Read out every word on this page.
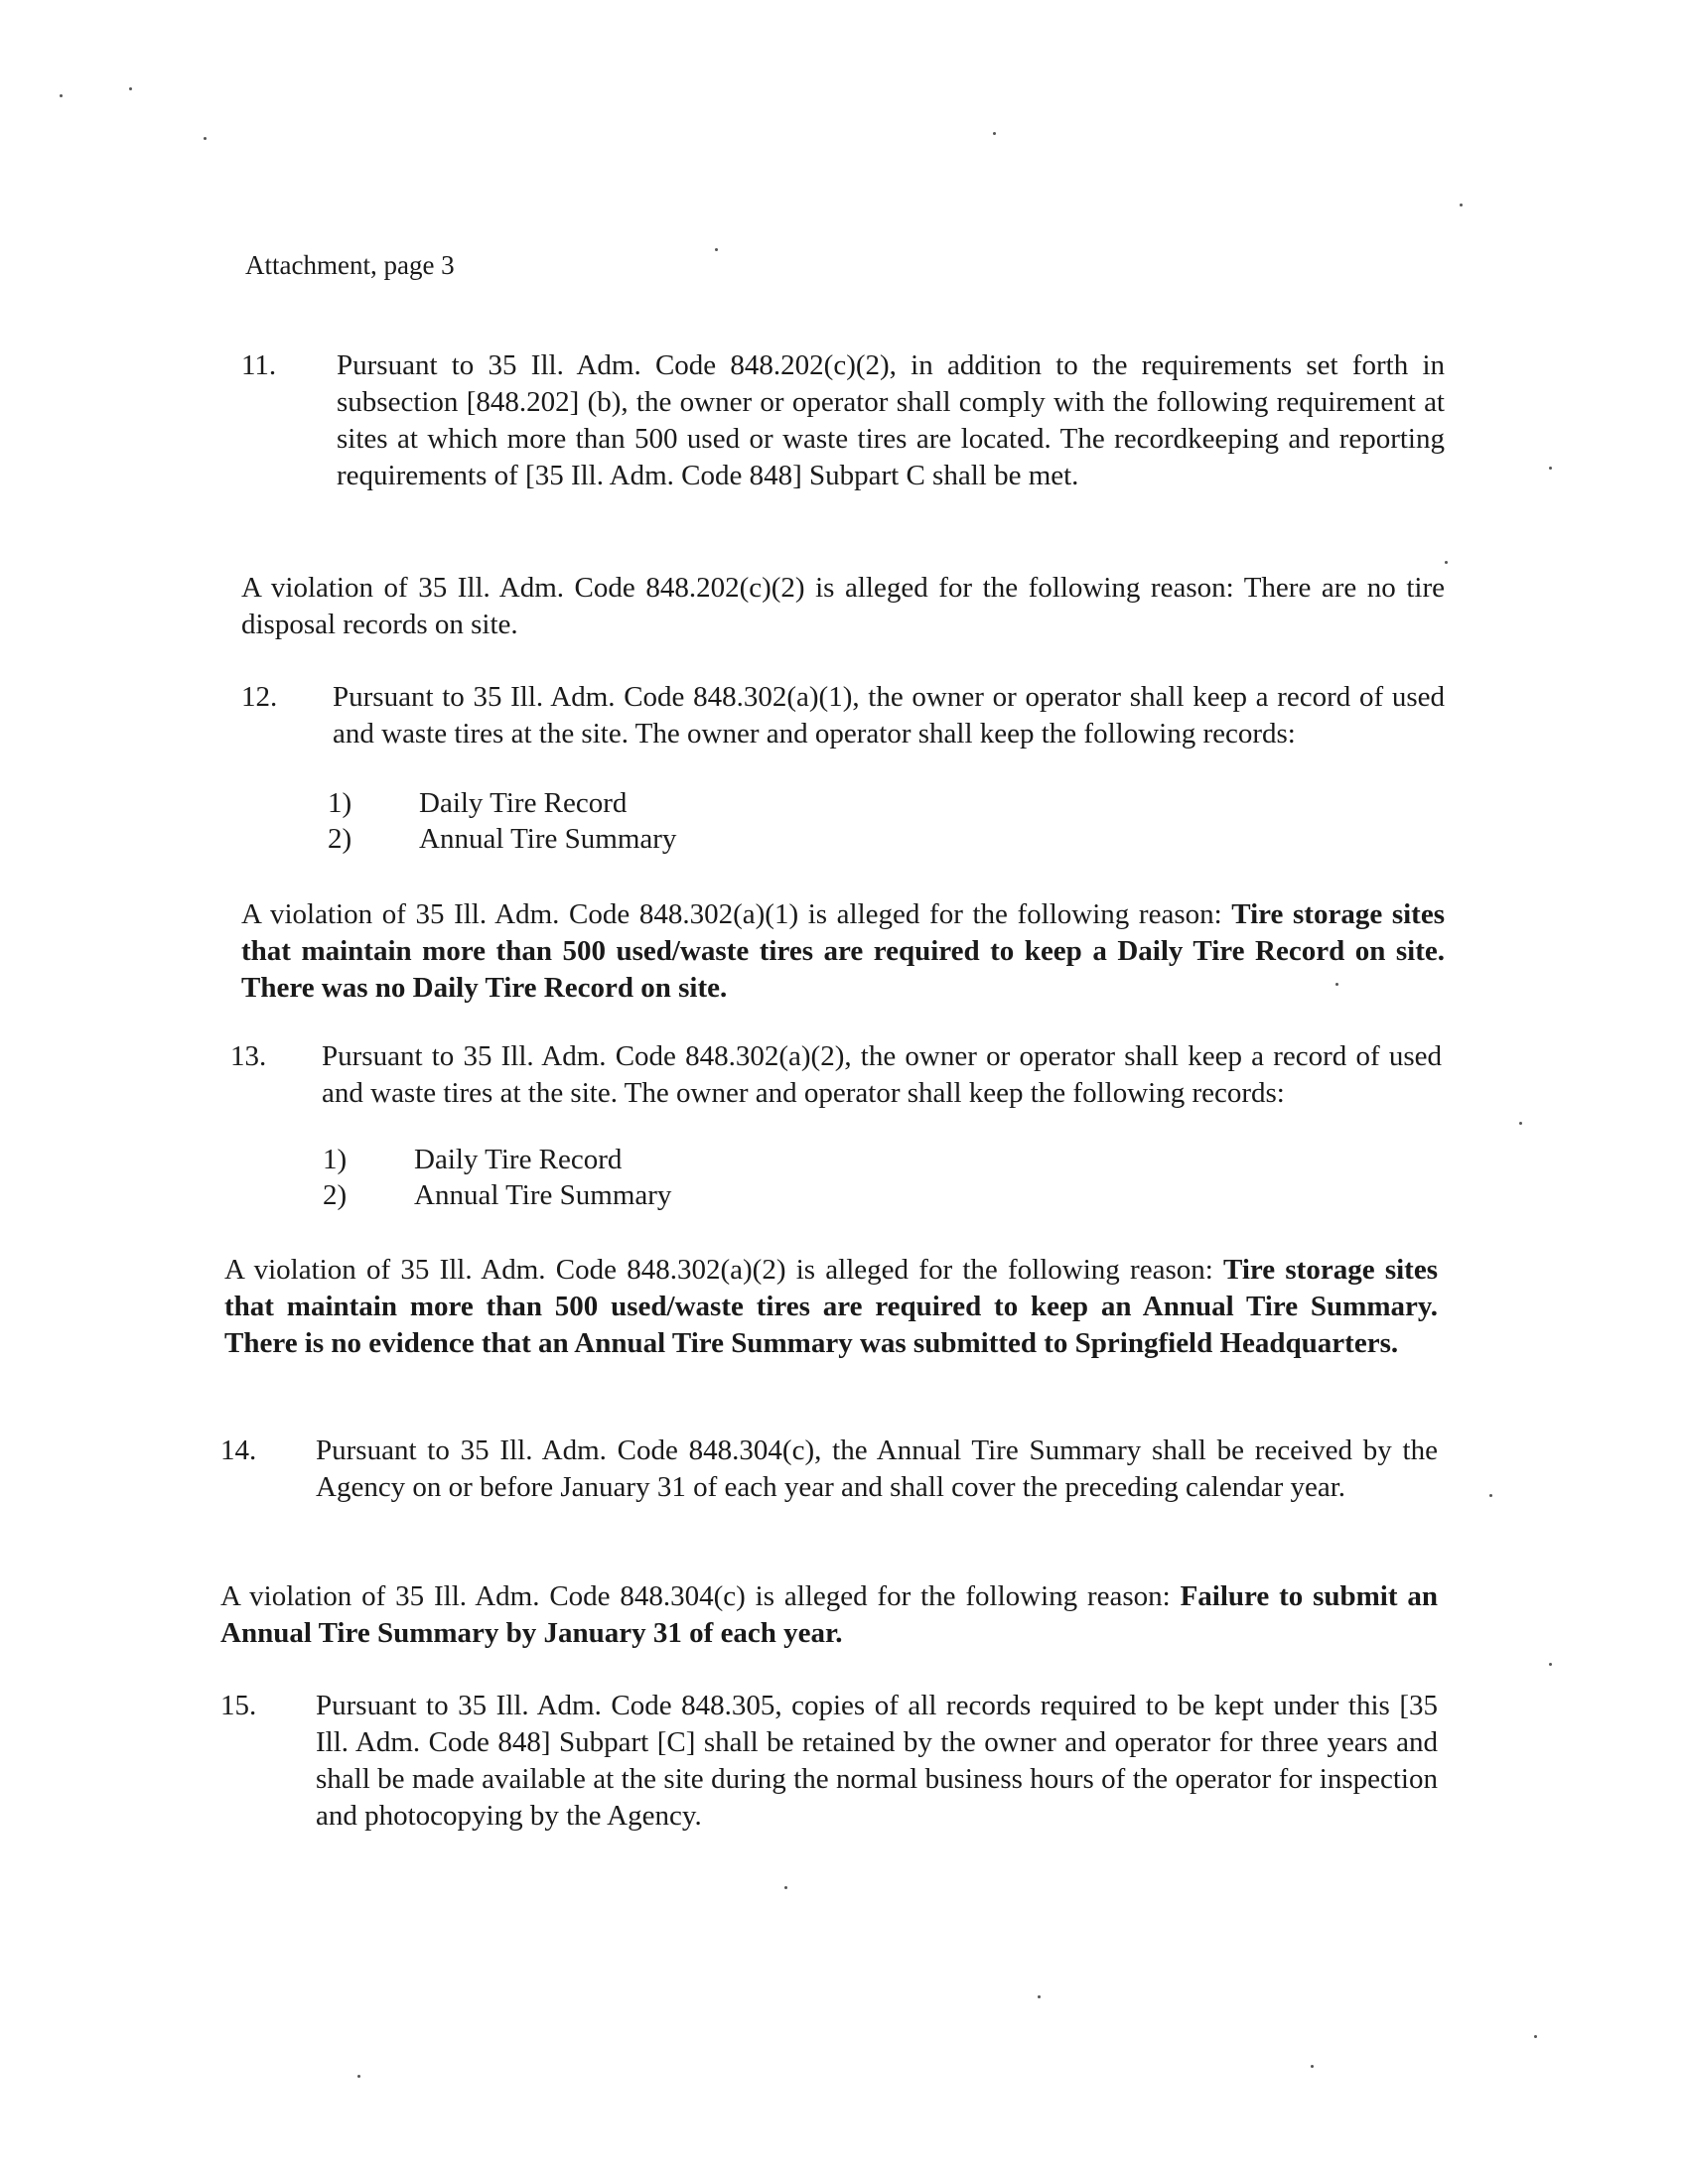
Attachment, page 3
11. Pursuant to 35 Ill. Adm. Code 848.202(c)(2), in addition to the requirements set forth in subsection [848.202] (b), the owner or operator shall comply with the following requirement at sites at which more than 500 used or waste tires are located. The recordkeeping and reporting requirements of [35 Ill. Adm. Code 848] Subpart C shall be met.
A violation of 35 Ill. Adm. Code 848.202(c)(2) is alleged for the following reason: There are no tire disposal records on site.
12. Pursuant to 35 Ill. Adm. Code 848.302(a)(1), the owner or operator shall keep a record of used and waste tires at the site. The owner and operator shall keep the following records:
1) Daily Tire Record
2) Annual Tire Summary
A violation of 35 Ill. Adm. Code 848.302(a)(1) is alleged for the following reason: Tire storage sites that maintain more than 500 used/waste tires are required to keep a Daily Tire Record on site. There was no Daily Tire Record on site.
13. Pursuant to 35 Ill. Adm. Code 848.302(a)(2), the owner or operator shall keep a record of used and waste tires at the site. The owner and operator shall keep the following records:
1) Daily Tire Record
2) Annual Tire Summary
A violation of 35 Ill. Adm. Code 848.302(a)(2) is alleged for the following reason: Tire storage sites that maintain more than 500 used/waste tires are required to keep an Annual Tire Summary. There is no evidence that an Annual Tire Summary was submitted to Springfield Headquarters.
14. Pursuant to 35 Ill. Adm. Code 848.304(c), the Annual Tire Summary shall be received by the Agency on or before January 31 of each year and shall cover the preceding calendar year.
A violation of 35 Ill. Adm. Code 848.304(c) is alleged for the following reason: Failure to submit an Annual Tire Summary by January 31 of each year.
15. Pursuant to 35 Ill. Adm. Code 848.305, copies of all records required to be kept under this [35 Ill. Adm. Code 848] Subpart [C] shall be retained by the owner and operator for three years and shall be made available at the site during the normal business hours of the operator for inspection and photocopying by the Agency.
